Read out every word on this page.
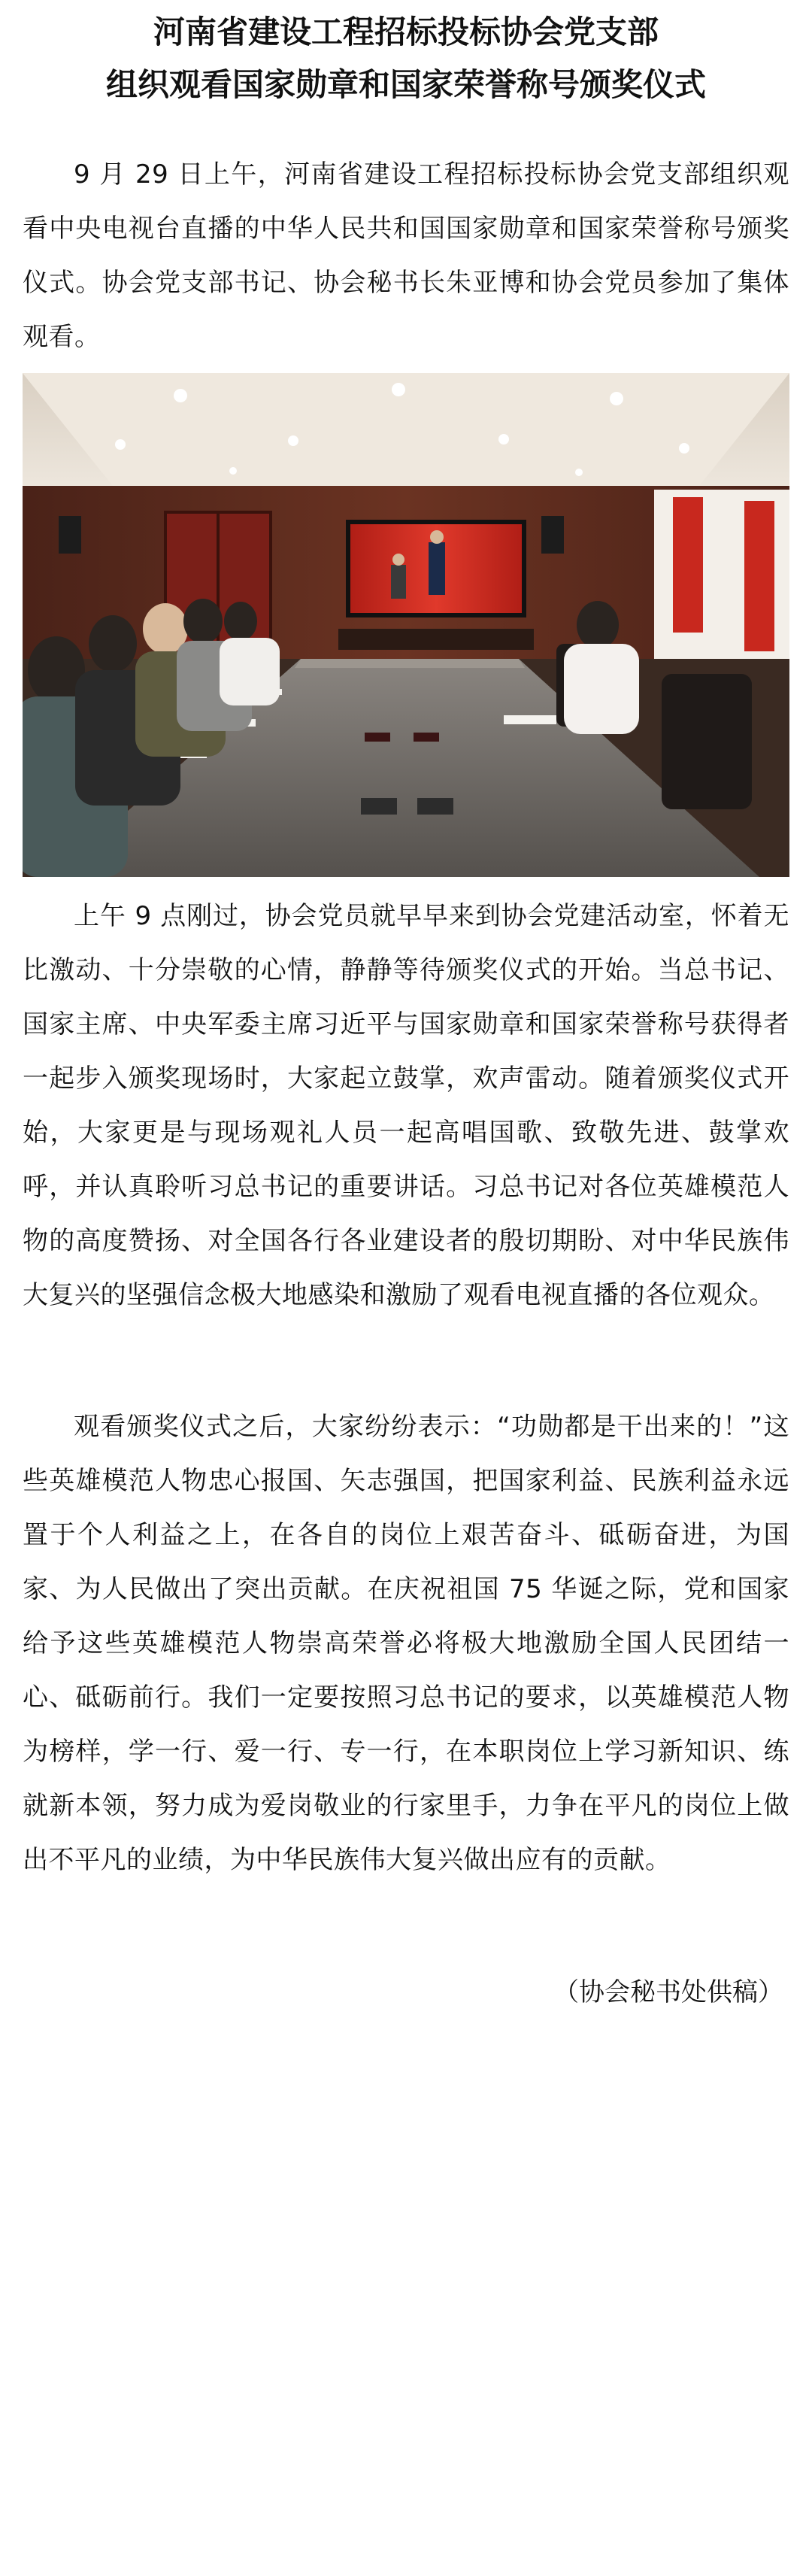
河南省建设工程招标投标协会党支部
组织观看国家勋章和国家荣誉称号颁奖仪式

9 月 29 日上午，河南省建设工程招标投标协会党支部组织观看中央电视台直播的中华人民共和国国家勋章和国家荣誉称号颁奖仪式。协会党支部书记、协会秘书长朱亚博和协会党员参加了集体观看。

上午 9 点刚过，协会党员就早早来到协会党建活动室，怀着无比激动、十分崇敬的心情，静静等待颁奖仪式的开始。当总书记、国家主席、中央军委主席习近平与国家勋章和国家荣誉称号获得者一起步入颁奖现场时，大家起立鼓掌，欢声雷动。随着颁奖仪式开始，大家更是与现场观礼人员一起高唱国歌、致敬先进、鼓掌欢呼，并认真聆听习总书记的重要讲话。习总书记对各位英雄模范人物的高度赞扬、对全国各行各业建设者的殷切期盼、对中华民族伟大复兴的坚强信念极大地感染和激励了观看电视直播的各位观众。

观看颁奖仪式之后，大家纷纷表示：“功勋都是干出来的！”这些英雄模范人物忠心报国、矢志强国，把国家利益、民族利益永远置于个人利益之上，在各自的岗位上艰苦奋斗、砥砺奋进，为国家、为人民做出了突出贡献。在庆祝祖国 75 华诞之际，党和国家给予这些英雄模范人物崇高荣誉必将极大地激励全国人民团结一心、砥砺前行。我们一定要按照习总书记的要求，以英雄模范人物为榜样，学一行、爱一行、专一行，在本职岗位上学习新知识、练就新本领，努力成为爱岗敬业的行家里手，力争在平凡的岗位上做出不平凡的业绩，为中华民族伟大复兴做出应有的贡献。

（协会秘书处供稿）
